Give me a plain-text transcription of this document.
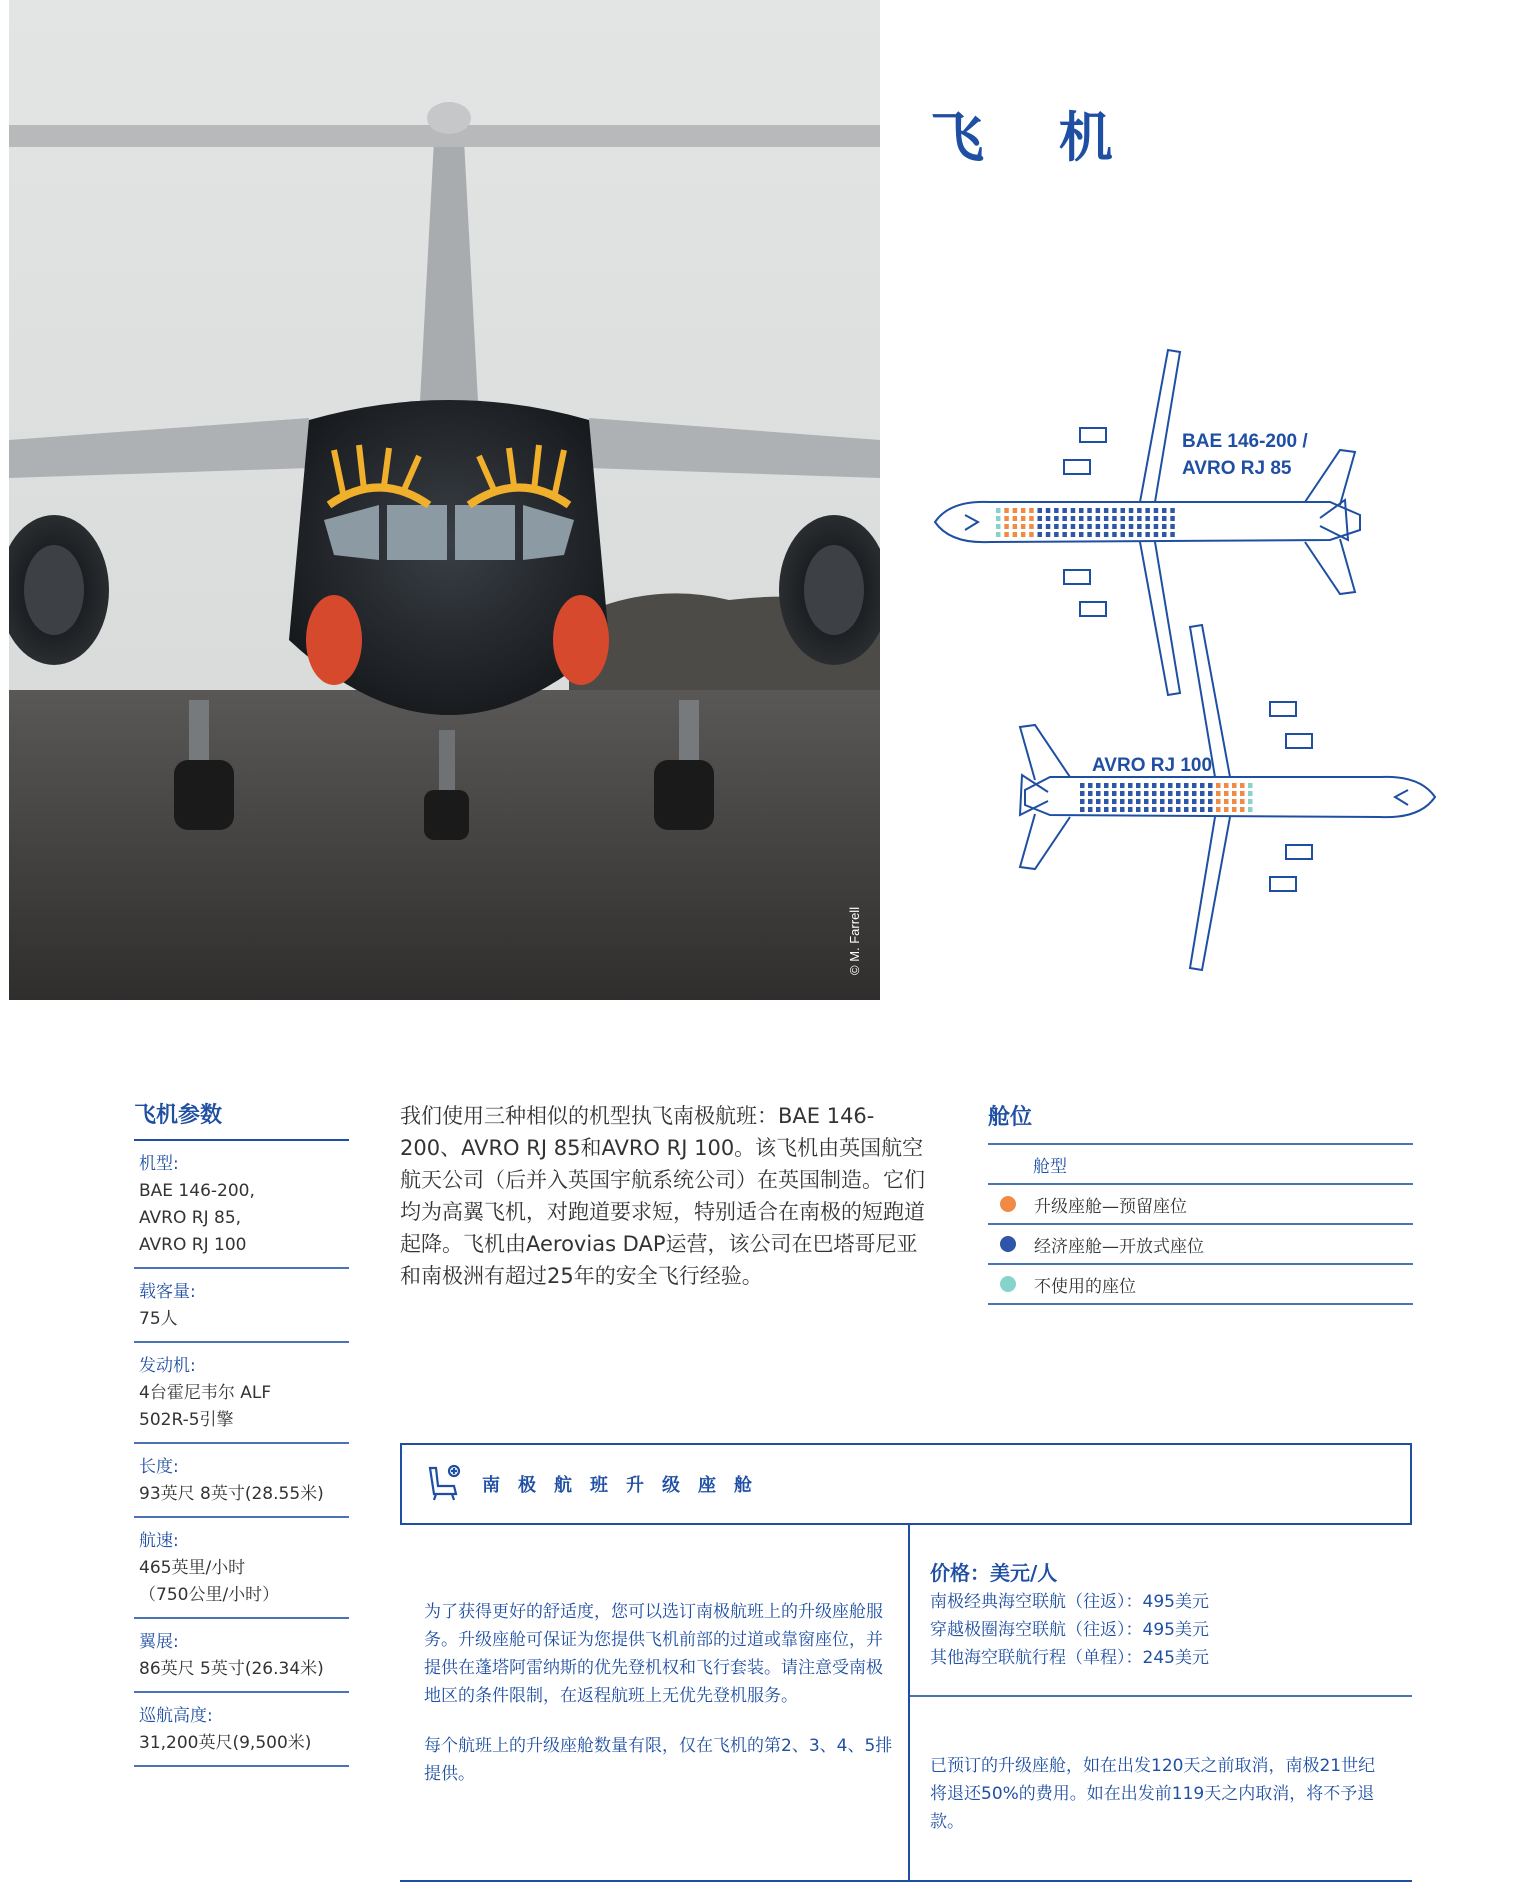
© M. Farrell
飞 机
BAE 146-200 /
AVRO RJ 85
AVRO RJ 100
飞机参数
机型:
BAE 146-200,
AVRO RJ 85,
AVRO RJ 100
载客量:
75人
发动机:
4台霍尼韦尔 ALF
502R-5引擎
长度:
93英尺 8英寸(28.55米)
航速:
465英里/小时
（750公里/小时）
翼展:
86英尺 5英寸(26.34米)
巡航高度:
31,200英尺(9,500米)
我们使用三种相似的机型执飞南极航班：BAE 146-200、AVRO RJ 85和AVRO RJ 100。该飞机由英国航空航天公司（后并入英国宇航系统公司）在英国制造。它们均为高翼飞机，对跑道要求短，特别适合在南极的短跑道起降。飞机由Aerovias DAP运营，该公司在巴塔哥尼亚和南极洲有超过25年的安全飞行经验。
舱位
舱型
升级座舱—预留座位
经济座舱—开放式座位
不使用的座位
南极航班升级座舱

为了获得更好的舒适度，您可以选订南极航班上的升级座舱服务。升级座舱可保证为您提供飞机前部的过道或靠窗座位，并提供在蓬塔阿雷纳斯的优先登机权和飞行套装。请注意受南极地区的条件限制，在返程航班上无优先登机服务。

每个航班上的升级座舱数量有限，仅在飞机的第2、3、4、5排提供。

价格：美元/人
南极经典海空联航（往返）：495美元
穿越极圈海空联航（往返）：495美元
其他海空联航行程（单程）：245美元
已预订的升级座舱，如在出发120天之前取消，南极21世纪将退还50%的费用。如在出发前119天之内取消，将不予退款。
